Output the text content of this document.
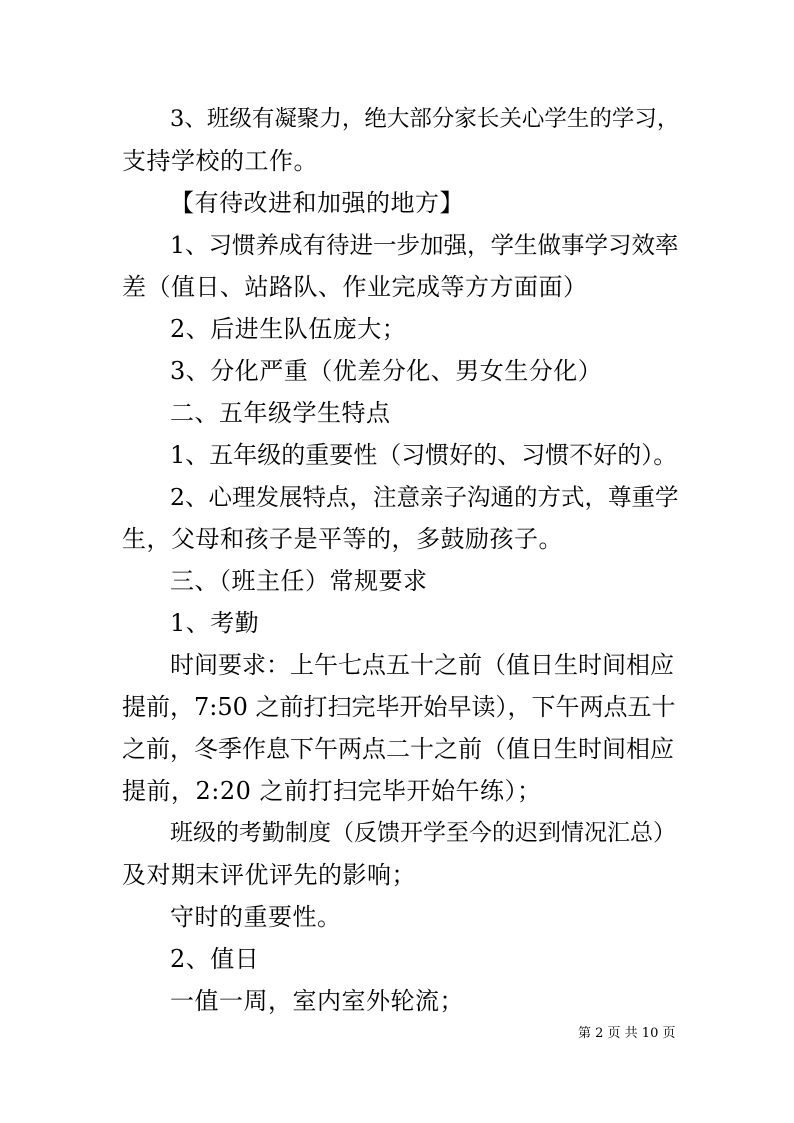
3、班级有凝聚力，绝大部分家长关心学生的学习，
支持学校的工作。
【有待改进和加强的地方】
1、习惯养成有待进一步加强，学生做事学习效率
差（值日、站路队、作业完成等方方面面）
2、后进生队伍庞大；
3、分化严重（优差分化、男女生分化）
二、五年级学生特点
1、五年级的重要性（习惯好的、习惯不好的）。
2、心理发展特点，注意亲子沟通的方式，尊重学
生，父母和孩子是平等的，多鼓励孩子。
三、（班主任）常规要求
1、考勤
时间要求：上午七点五十之前（值日生时间相应
提前，7:50 之前打扫完毕开始早读），下午两点五十
之前，冬季作息下午两点二十之前（值日生时间相应
提前，2:20 之前打扫完毕开始午练）；
班级的考勤制度（反馈开学至今的迟到情况汇总）
及对期末评优评先的影响；
守时的重要性。
2、值日
一值一周，室内室外轮流；
第 2 页 共 10 页
